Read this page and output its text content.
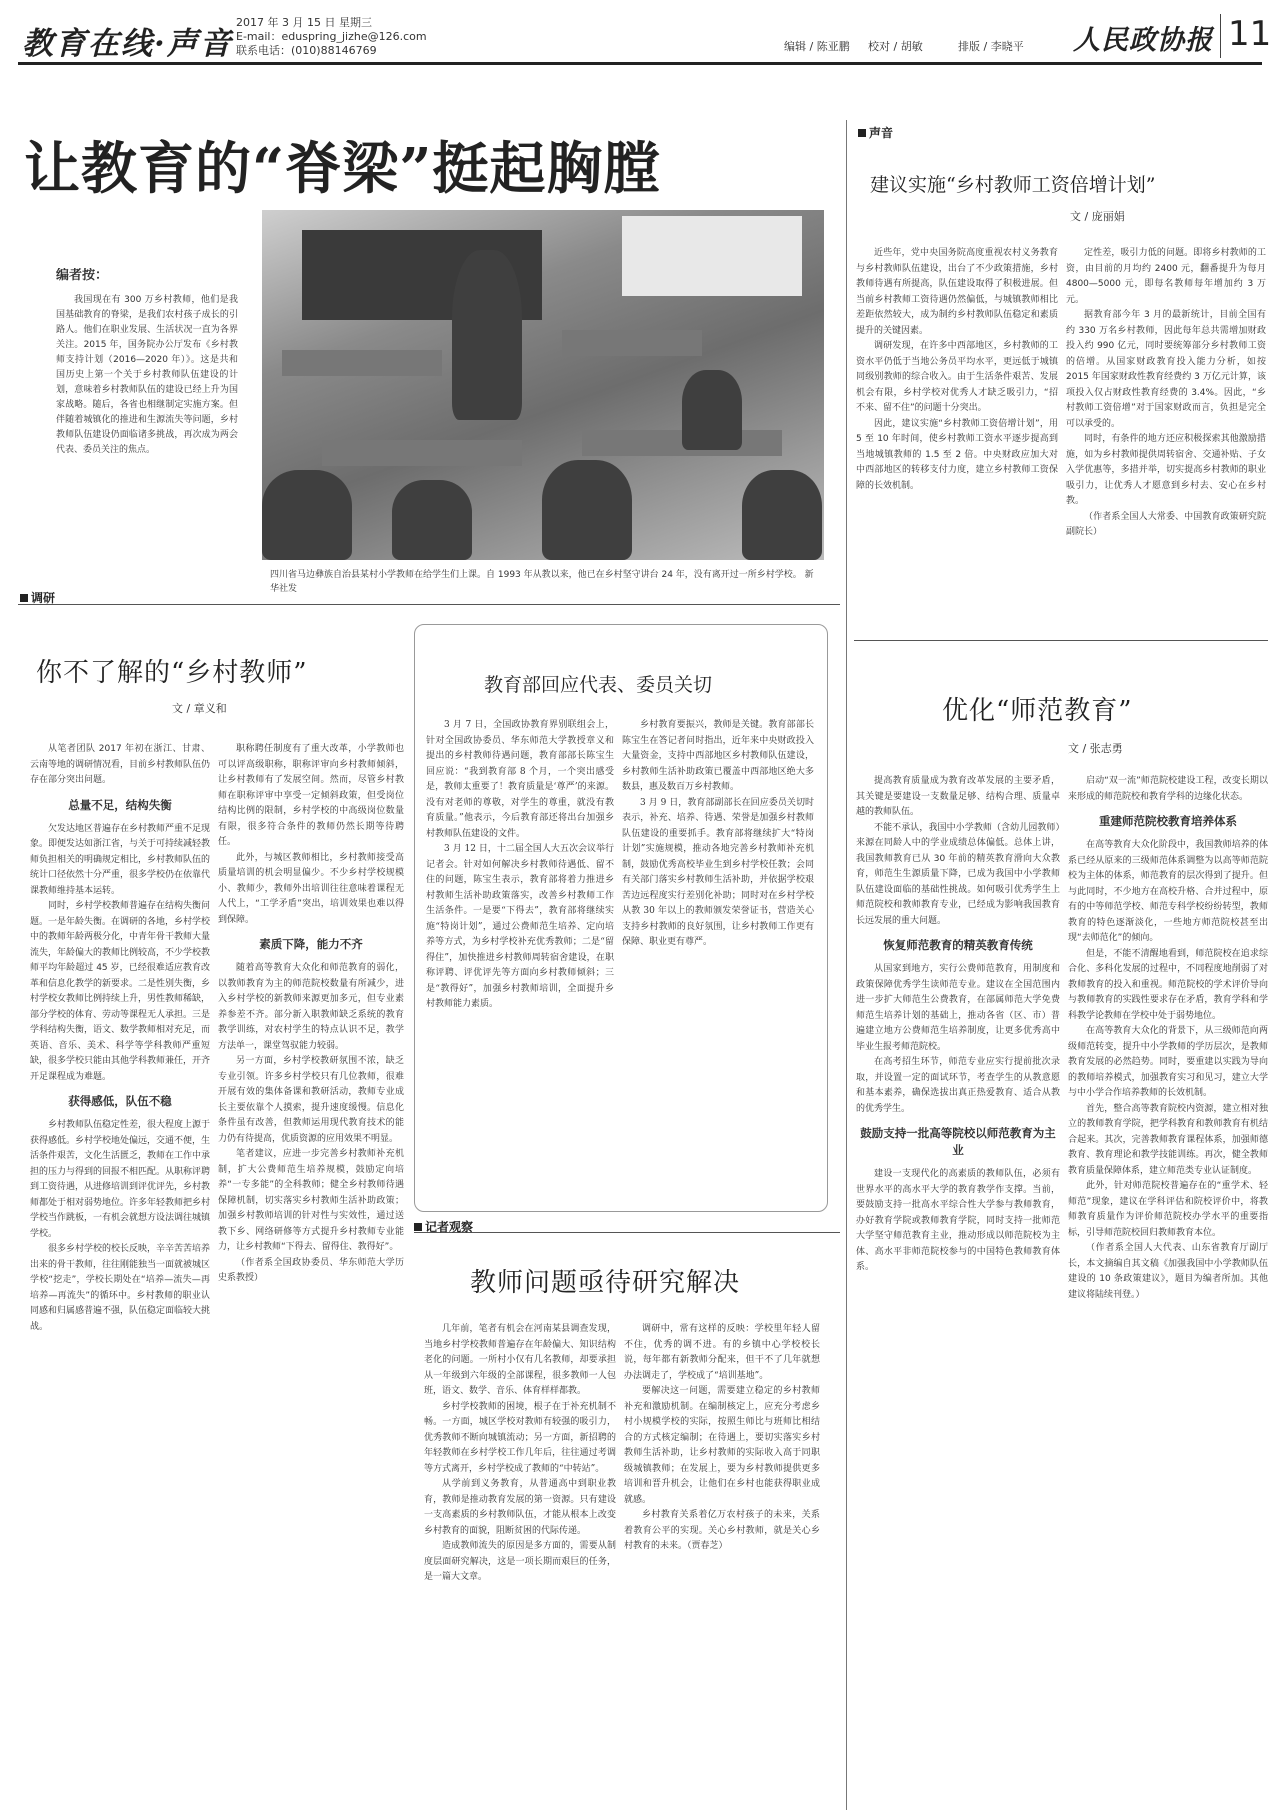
教育在线·声音
2017 年 3 月 15 日 星期三
E-mail：eduspring_jizhe@126.com
联系电话：(010)88146769	编辑 / 陈亚鹏 校对 / 胡敏	排版 / 李晓平 人民政协报 11
让教育的“脊梁”挺起胸膛
编者按：

我国现在有 300 万乡村教师，他们是我国基础教育的脊梁，是我们农村孩子成长的引路人。他们在职业发展、生活状况一直为各界关注。2015 年，国务院办公厅发布《乡村教师支持计划（2016—2020 年）》。这是共和国历史上第一个关于乡村教师队伍建设的计划，意味着乡村教师队伍的建设已经上升为国家战略。随后，各省也相继制定实施方案。但伴随着城镇化的推进和生源流失等问题，乡村教师队伍建设仍面临诸多挑战，再次成为两会代表、委员关注的焦点。

四川省马边彝族自治县某村小学教师在给学生们上课。自 1993 年从教以来，他已在乡村坚守讲台 24 年，没有离开过一所乡村学校。 新华社发
调研
你不了解的“乡村教师”
文 / 章义和

从笔者团队 2017 年初在浙江、甘肃、云南等地的调研情况看，目前乡村教师队伍仍存在部分突出问题。

总量不足，结构失衡

欠发达地区普遍存在乡村教师严重不足现象。即便发达如浙江省，与关于可持续减轻教师负担相关的明确规定相比，乡村教师队伍的统计口径依然十分严重，很多学校仍在依靠代课教师维持基本运转。

同时，乡村学校教师普遍存在结构失衡问题。一是年龄失衡。在调研的各地，乡村学校中的教师年龄两极分化，中青年骨干教师大量流失，年龄偏大的教师比例较高，不少学校教师平均年龄超过 45 岁，已经很难适应教育改革和信息化教学的新要求。二是性别失衡，乡村学校女教师比例持续上升，男性教师稀缺，部分学校的体育、劳动等课程无人承担。三是学科结构失衡，语文、数学教师相对充足，而英语、音乐、美术、科学等学科教师严重短缺，很多学校只能由其他学科教师兼任，开齐开足课程成为难题。

获得感低，队伍不稳

乡村教师队伍稳定性差，很大程度上源于获得感低。乡村学校地处偏远，交通不便，生活条件艰苦，文化生活匮乏，教师在工作中承担的压力与得到的回报不相匹配。从职称评聘到工资待遇，从进修培训到评优评先，乡村教师都处于相对弱势地位。许多年轻教师把乡村学校当作跳板，一有机会就想方设法调往城镇学校。

很多乡村学校的校长反映，辛辛苦苦培养出来的骨干教师，往往刚能独当一面就被城区学校“挖走”，学校长期处在“培养—流失—再培养—再流失”的循环中。乡村教师的职业认同感和归属感普遍不强，队伍稳定面临较大挑战。

职称聘任制度有了重大改革，小学教师也可以评高级职称，职称评审向乡村教师倾斜，让乡村教师有了发展空间。然而，尽管乡村教师在职称评审中享受一定倾斜政策，但受岗位结构比例的限制，乡村学校的中高级岗位数量有限，很多符合条件的教师仍然长期等待聘任。

此外，与城区教师相比，乡村教师接受高质量培训的机会明显偏少。不少乡村学校规模小、教师少，教师外出培训往往意味着课程无人代上，“工学矛盾”突出，培训效果也难以得到保障。

素质下降，能力不齐

随着高等教育大众化和师范教育的弱化，以教师教育为主的师范院校数量有所减少，进入乡村学校的新教师来源更加多元，但专业素养参差不齐。部分新入职教师缺乏系统的教育教学训练，对农村学生的特点认识不足，教学方法单一，课堂驾驭能力较弱。

另一方面，乡村学校教研氛围不浓，缺乏专业引领。许多乡村学校只有几位教师，很难开展有效的集体备课和教研活动，教师专业成长主要依靠个人摸索，提升速度缓慢。信息化条件虽有改善，但教师运用现代教育技术的能力仍有待提高，优质资源的应用效果不明显。

笔者建议，应进一步完善乡村教师补充机制，扩大公费师范生培养规模，鼓励定向培养“一专多能”的全科教师；健全乡村教师待遇保障机制，切实落实乡村教师生活补助政策；加强乡村教师培训的针对性与实效性，通过送教下乡、网络研修等方式提升乡村教师专业能力，让乡村教师“下得去、留得住、教得好”。

（作者系全国政协委员、华东师范大学历史系教授）

教育部回应代表、委员关切

3 月 7 日，全国政协教育界别联组会上，针对全国政协委员、华东师范大学教授章义和提出的乡村教师待遇问题，教育部部长陈宝生回应说：“我到教育部 8 个月，一个突出感受是，教师太重要了！教育质量是‘尊严’的来源。没有对老师的尊敬，对学生的尊重，就没有教育质量。”他表示，今后教育部还将出台加强乡村教师队伍建设的文件。

3 月 12 日，十二届全国人大五次会议举行记者会。针对如何解决乡村教师待遇低、留不住的问题，陈宝生表示，教育部将着力推进乡村教师生活补助政策落实，改善乡村教师工作生活条件。一是要“下得去”，教育部将继续实施“特岗计划”，通过公费师范生培养、定向培养等方式，为乡村学校补充优秀教师；二是“留得住”，加快推进乡村教师周转宿舍建设，在职称评聘、评优评先等方面向乡村教师倾斜；三是“教得好”，加强乡村教师培训，全面提升乡村教师能力素质。

乡村教育要振兴，教师是关键。教育部部长陈宝生在答记者问时指出，近年来中央财政投入大量资金，支持中西部地区乡村教师队伍建设，乡村教师生活补助政策已覆盖中西部地区绝大多数县，惠及数百万乡村教师。

3 月 9 日，教育部副部长在回应委员关切时表示，补充、培养、待遇、荣誉是加强乡村教师队伍建设的重要抓手。教育部将继续扩大“特岗计划”实施规模，推动各地完善乡村教师补充机制，鼓励优秀高校毕业生到乡村学校任教；会同有关部门落实乡村教师生活补助，并依据学校艰苦边远程度实行差别化补助；同时对在乡村学校从教 30 年以上的教师颁发荣誉证书，营造关心支持乡村教师的良好氛围，让乡村教师工作更有保障、职业更有尊严。

记者观察
教师问题亟待研究解决

几年前，笔者有机会在河南某县调查发现，当地乡村学校教师普遍存在年龄偏大、知识结构老化的问题。一所村小仅有几名教师，却要承担从一年级到六年级的全部课程，很多教师一人包班，语文、数学、音乐、体育样样都教。

乡村学校教师的困境，根子在于补充机制不畅。一方面，城区学校对教师有较强的吸引力，优秀教师不断向城镇流动；另一方面，新招聘的年轻教师在乡村学校工作几年后，往往通过考调等方式离开，乡村学校成了教师的“中转站”。

从学前到义务教育，从普通高中到职业教育，教师是推动教育发展的第一资源。只有建设一支高素质的乡村教师队伍，才能从根本上改变乡村教育的面貌，阻断贫困的代际传递。

造成教师流失的原因是多方面的，需要从制度层面研究解决，这是一项长期而艰巨的任务，是一篇大文章。

调研中，常有这样的反映：学校里年轻人留不住，优秀的调不进。有的乡镇中心学校校长说，每年都有新教师分配来，但干不了几年就想办法调走了，学校成了“培训基地”。

要解决这一问题，需要建立稳定的乡村教师补充和激励机制。在编制核定上，应充分考虑乡村小规模学校的实际，按照生师比与班师比相结合的方式核定编制；在待遇上，要切实落实乡村教师生活补助，让乡村教师的实际收入高于同职级城镇教师；在发展上，要为乡村教师提供更多培训和晋升机会，让他们在乡村也能获得职业成就感。

乡村教育关系着亿万农村孩子的未来，关系着教育公平的实现。关心乡村教师，就是关心乡村教育的未来。（贾春芝）

声音
建议实施“乡村教师工资倍增计划”
文 / 庞丽娟

近些年，党中央国务院高度重视农村义务教育与乡村教师队伍建设，出台了不少政策措施，乡村教师待遇有所提高，队伍建设取得了积极进展。但当前乡村教师工资待遇仍然偏低，与城镇教师相比差距依然较大，成为制约乡村教师队伍稳定和素质提升的关键因素。

调研发现，在许多中西部地区，乡村教师的工资水平仍低于当地公务员平均水平，更远低于城镇同级别教师的综合收入。由于生活条件艰苦、发展机会有限，乡村学校对优秀人才缺乏吸引力，“招不来、留不住”的问题十分突出。

因此，建议实施“乡村教师工资倍增计划”，用 5 至 10 年时间，使乡村教师工资水平逐步提高到当地城镇教师的 1.5 至 2 倍。中央财政应加大对中西部地区的转移支付力度，建立乡村教师工资保障的长效机制。

定性差，吸引力低的问题。即将乡村教师的工资，由目前的月均约 2400 元，翻番提升为每月 4800—5000 元，即每名教师每年增加约 3 万元。

据教育部今年 3 月的最新统计，目前全国有约 330 万名乡村教师，因此每年总共需增加财政投入约 990 亿元，同时要统筹部分乡村教师工资的倍增。从国家财政教育投入能力分析，如按 2015 年国家财政性教育经费约 3 万亿元计算，该项投入仅占财政性教育经费的 3.4%。因此，“乡村教师工资倍增”对于国家财政而言，负担是完全可以承受的。

同时，有条件的地方还应积极探索其他激励措施，如为乡村教师提供周转宿舍、交通补贴、子女入学优惠等，多措并举，切实提高乡村教师的职业吸引力，让优秀人才愿意到乡村去、安心在乡村教。

（作者系全国人大常委、中国教育政策研究院副院长）

优化“师范教育”
文 / 张志勇

提高教育质量成为教育改革发展的主要矛盾，其关键是要建设一支数量足够、结构合理、质量卓越的教师队伍。

不能不承认，我国中小学教师（含幼儿园教师）来源在同龄人中的学业成绩总体偏低。总体上讲，我国教师教育已从 30 年前的精英教育滑向大众教育，师范生生源质量下降，已成为我国中小学教师队伍建设面临的基础性挑战。如何吸引优秀学生上师范院校和教师教育专业，已经成为影响我国教育长远发展的重大问题。

恢复师范教育的精英教育传统

从国家到地方，实行公费师范教育，用制度和政策保障优秀学生读师范专业。建议在全国范围内进一步扩大师范生公费教育，在部属师范大学免费师范生培养计划的基础上，推动各省（区、市）普遍建立地方公费师范生培养制度，让更多优秀高中毕业生报考师范院校。

在高考招生环节，师范专业应实行提前批次录取，并设置一定的面试环节，考查学生的从教意愿和基本素养，确保选拔出真正热爱教育、适合从教的优秀学生。

鼓励支持一批高等院校以师范教育为主业

建设一支现代化的高素质的教师队伍，必须有世界水平的高水平大学的教育教学作支撑。当前，要鼓励支持一批高水平综合性大学参与教师教育，办好教育学院或教师教育学院，同时支持一批师范大学坚守师范教育主业，推动形成以师范院校为主体、高水平非师范院校参与的中国特色教师教育体系。

启动“双一流”师范院校建设工程，改变长期以来形成的师范院校和教育学科的边缘化状态。

重建师范院校教育培养体系

在高等教育大众化阶段中，我国教师培养的体系已经从原来的三级师范体系调整为以高等师范院校为主体的体系，师范教育的层次得到了提升。但与此同时，不少地方在高校升格、合并过程中，原有的中等师范学校、师范专科学校纷纷转型，教师教育的特色逐渐淡化，一些地方师范院校甚至出现“去师范化”的倾向。

但是，不能不清醒地看到，师范院校在追求综合化、多科化发展的过程中，不同程度地削弱了对教师教育的投入和重视。师范院校的学术评价导向与教师教育的实践性要求存在矛盾，教育学科和学科教学论教师在学校中处于弱势地位。

在高等教育大众化的背景下，从三级师范向两级师范转变，提升中小学教师的学历层次，是教师教育发展的必然趋势。同时，要重建以实践为导向的教师培养模式，加强教育实习和见习，建立大学与中小学合作培养教师的长效机制。

首先，整合高等教育院校内资源，建立相对独立的教师教育学院，把学科教育和教师教育有机结合起来。其次，完善教师教育课程体系，加强师德教育、教育理论和教学技能训练。再次，健全教师教育质量保障体系，建立师范类专业认证制度。

此外，针对师范院校普遍存在的“重学术、轻师范”现象，建议在学科评估和院校评价中，将教师教育质量作为评价师范院校办学水平的重要指标，引导师范院校回归教师教育本位。

（作者系全国人大代表、山东省教育厅副厅长，本文摘编自其文稿《加强我国中小学教师队伍建设的 10 条政策建议》，题目为编者所加。其他建议将陆续刊登。）
